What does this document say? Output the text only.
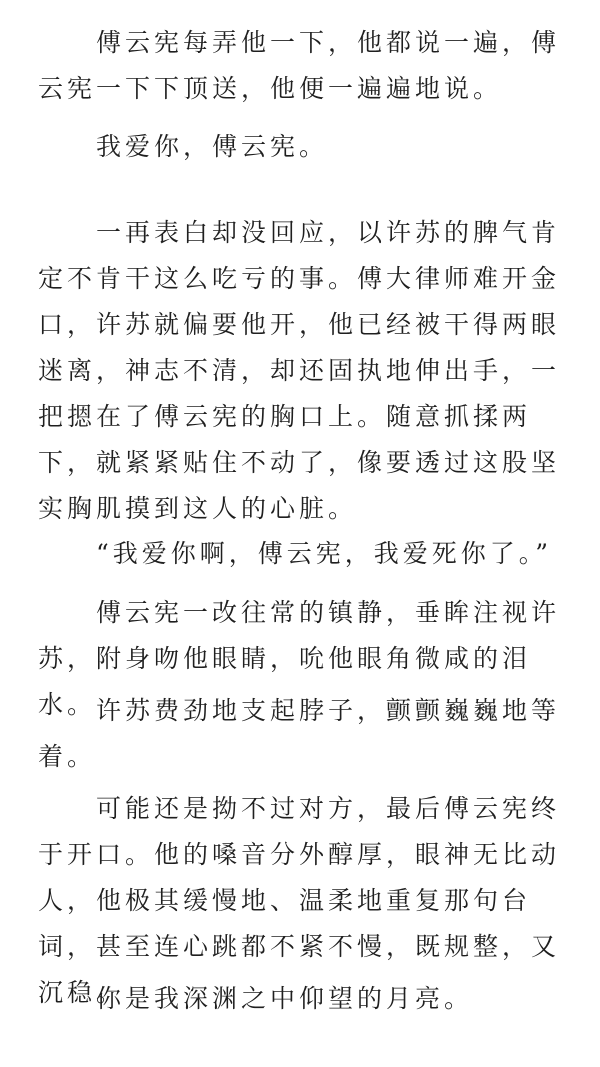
傅云宪每弄他一下，他都说一遍，傅云宪一下下顶送，他便一遍遍地说。

我爱你，傅云宪。

一再表白却没回应，以许苏的脾气肯定不肯干这么吃亏的事。傅大律师难开金口，许苏就偏要他开，他已经被干得两眼迷离，神志不清，却还固执地伸出手，一把摁在了傅云宪的胸口上。随意抓揉两下，就紧紧贴住不动了，像要透过这股坚实胸肌摸到这人的心脏。

“我爱你啊，傅云宪，我爱死你了。”

傅云宪一改往常的镇静，垂眸注视许苏，附身吻他眼睛，吮他眼角微咸的泪水。 许苏费劲地支起脖子，颤颤巍巍地等着。

可能还是拗不过对方，最后傅云宪终于开口。他的嗓音分外醇厚，眼神无比动人，他极其缓慢地、温柔地重复那句台词，甚至连心跳都不紧不慢，既规整，又沉稳。

你是我深渊之中仰望的月亮。
